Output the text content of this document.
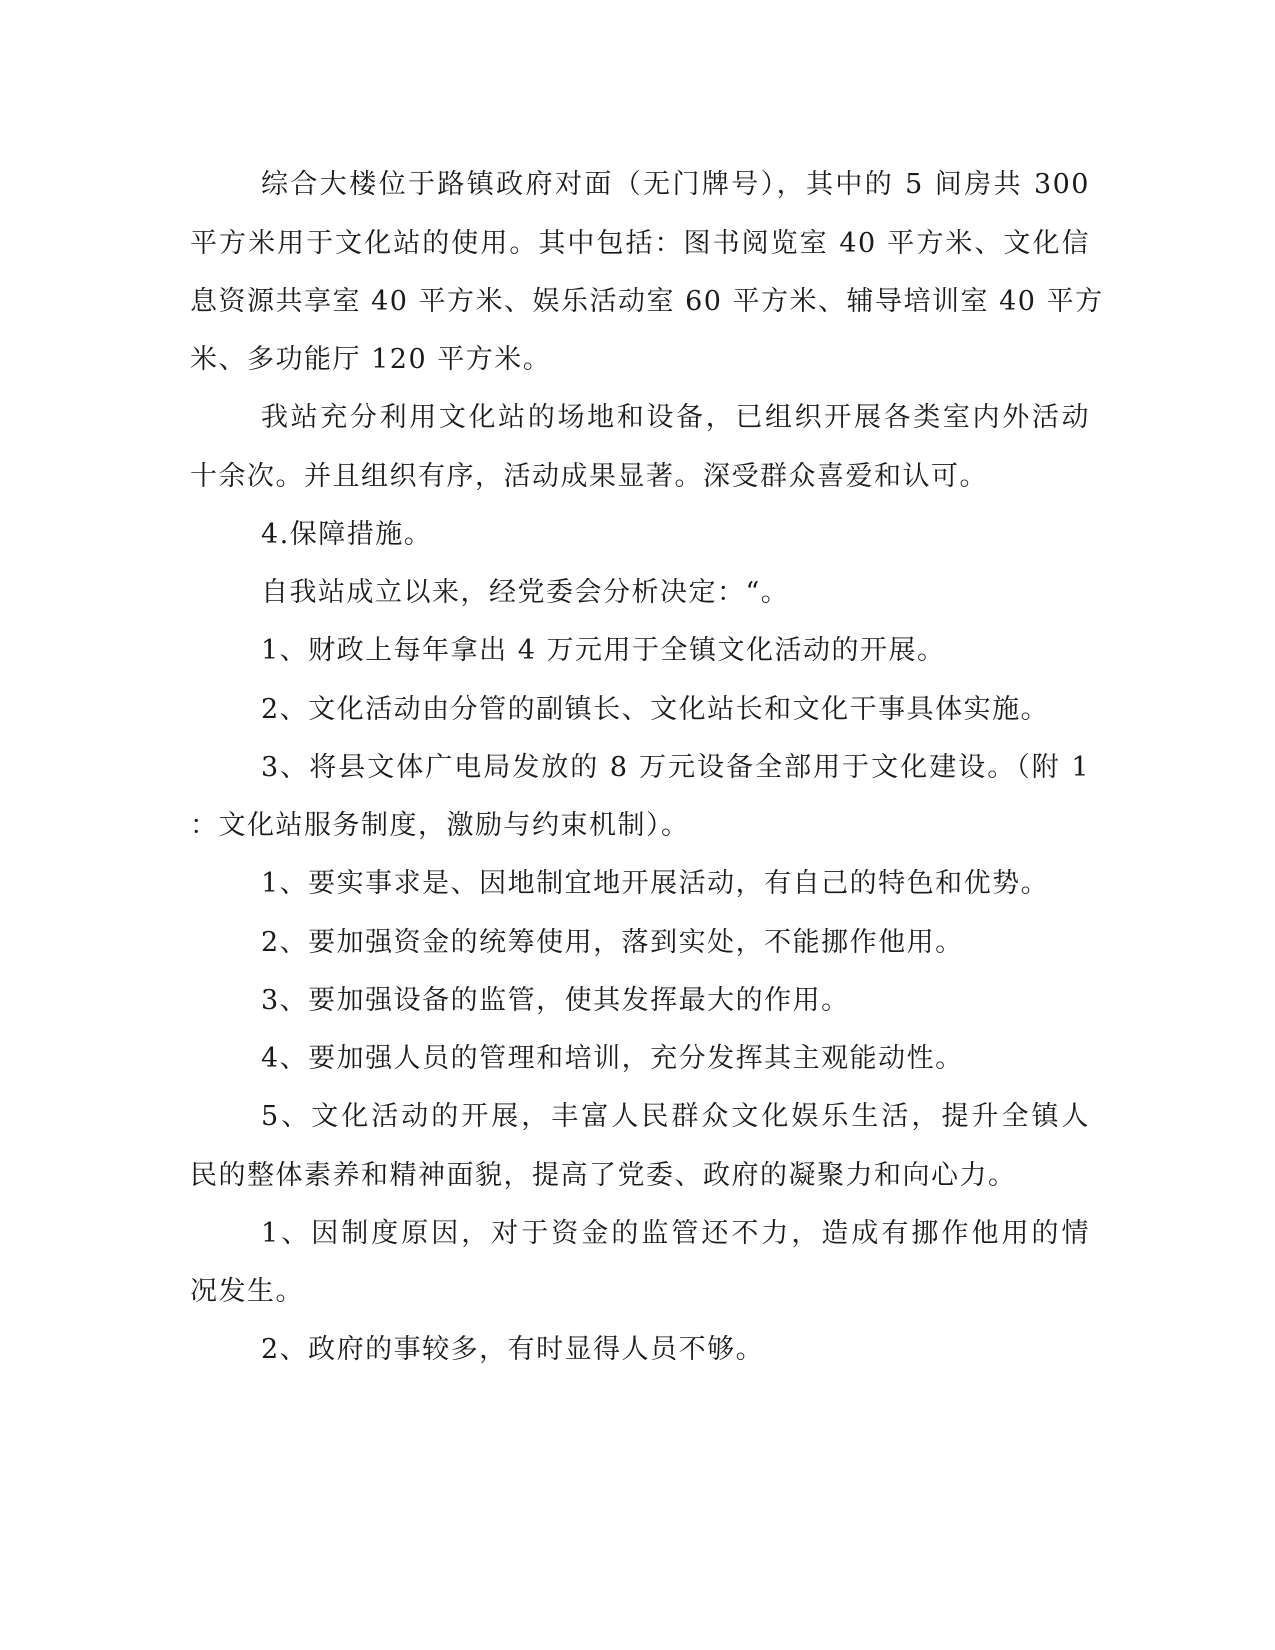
综合大楼位于路镇政府对面（无门牌号），其中的 5 间房共 300
平方米用于文化站的使用。其中包括：图书阅览室 40 平方米、文化信
息资源共享室 40 平方米、娱乐活动室 60 平方米、辅导培训室 40 平方
米、多功能厅 120 平方米。
我站充分利用文化站的场地和设备，已组织开展各类室内外活动
十余次。并且组织有序，活动成果显著。深受群众喜爱和认可。
4.保障措施。
自我站成立以来，经党委会分析决定：“。
1、财政上每年拿出 4 万元用于全镇文化活动的开展。
2、文化活动由分管的副镇长、文化站长和文化干事具体实施。
3、将县文体广电局发放的 8 万元设备全部用于文化建设。（附 1
：文化站服务制度，激励与约束机制）。
1、要实事求是、因地制宜地开展活动，有自己的特色和优势。
2、要加强资金的统筹使用，落到实处，不能挪作他用。
3、要加强设备的监管，使其发挥最大的作用。
4、要加强人员的管理和培训，充分发挥其主观能动性。
5、文化活动的开展，丰富人民群众文化娱乐生活，提升全镇人
民的整体素养和精神面貌，提高了党委、政府的凝聚力和向心力。
1、因制度原因，对于资金的监管还不力，造成有挪作他用的情
况发生。
2、政府的事较多，有时显得人员不够。
